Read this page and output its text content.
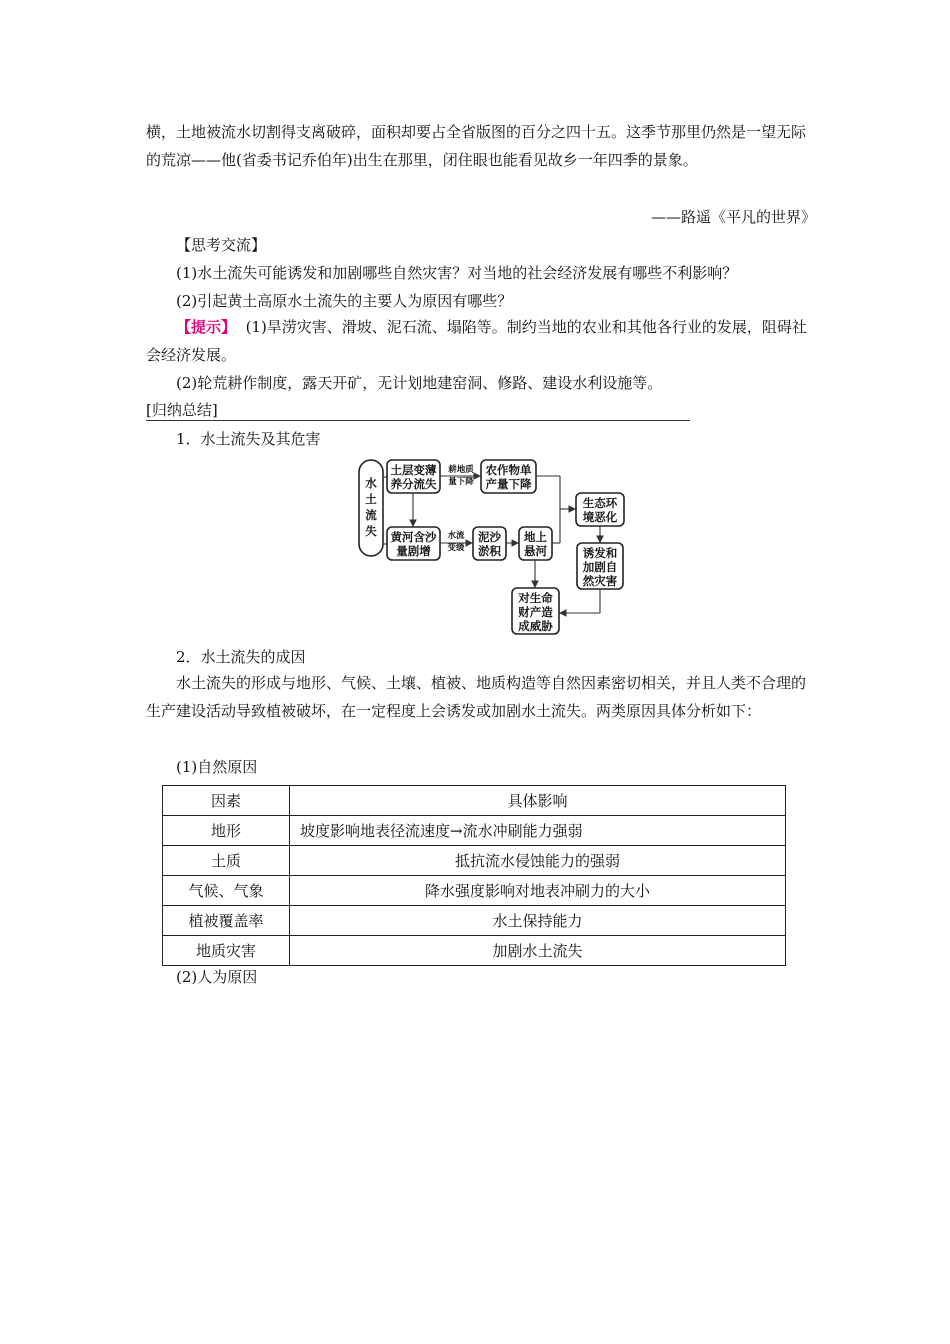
横，土地被流水切割得支离破碎，面积却要占全省版图的百分之四十五。这季节那里仍然是一望无际的荒凉——他(省委书记乔伯年)出生在那里，闭住眼也能看见故乡一年四季的景象。

——路遥《平凡的世界》
【思考交流】
(1)水土流失可能诱发和加剧哪些自然灾害？对当地的社会经济发展有哪些不利影响？
(2)引起黄土高原水土流失的主要人为原因有哪些？

【提示】 (1)旱涝灾害、滑坡、泥石流、塌陷等。制约当地的农业和其他各行业的发展，阻碍社会经济发展。

(2)轮荒耕作制度，露天开矿，无计划地建窑洞、修路、建设水利设施等。
[归纳总结]
1．水土流失及其危害
水
土
流
失
土层变薄
养分流失
耕地质
量下降
农作物单
产量下降
黄河含沙
量剧增
水流
变缓
泥沙
淤积
地上
悬河
生态环
境恶化
诱发和
加剧自
然灾害
对生命
财产造
成威胁
2．水土流失的成因

水土流失的形成与地形、气候、土壤、植被、地质构造等自然因素密切相关，并且人类不合理的生产建设活动导致植被破坏，在一定程度上会诱发或加剧水土流失。两类原因具体分析如下：

(1)自然原因
因素	具体影响
地形	坡度影响地表径流速度→流水冲刷能力强弱
土质	抵抗流水侵蚀能力的强弱
气候、气象	降水强度影响对地表冲刷力的大小
植被覆盖率	水土保持能力
地质灾害	加剧水土流失
(2)人为原因
